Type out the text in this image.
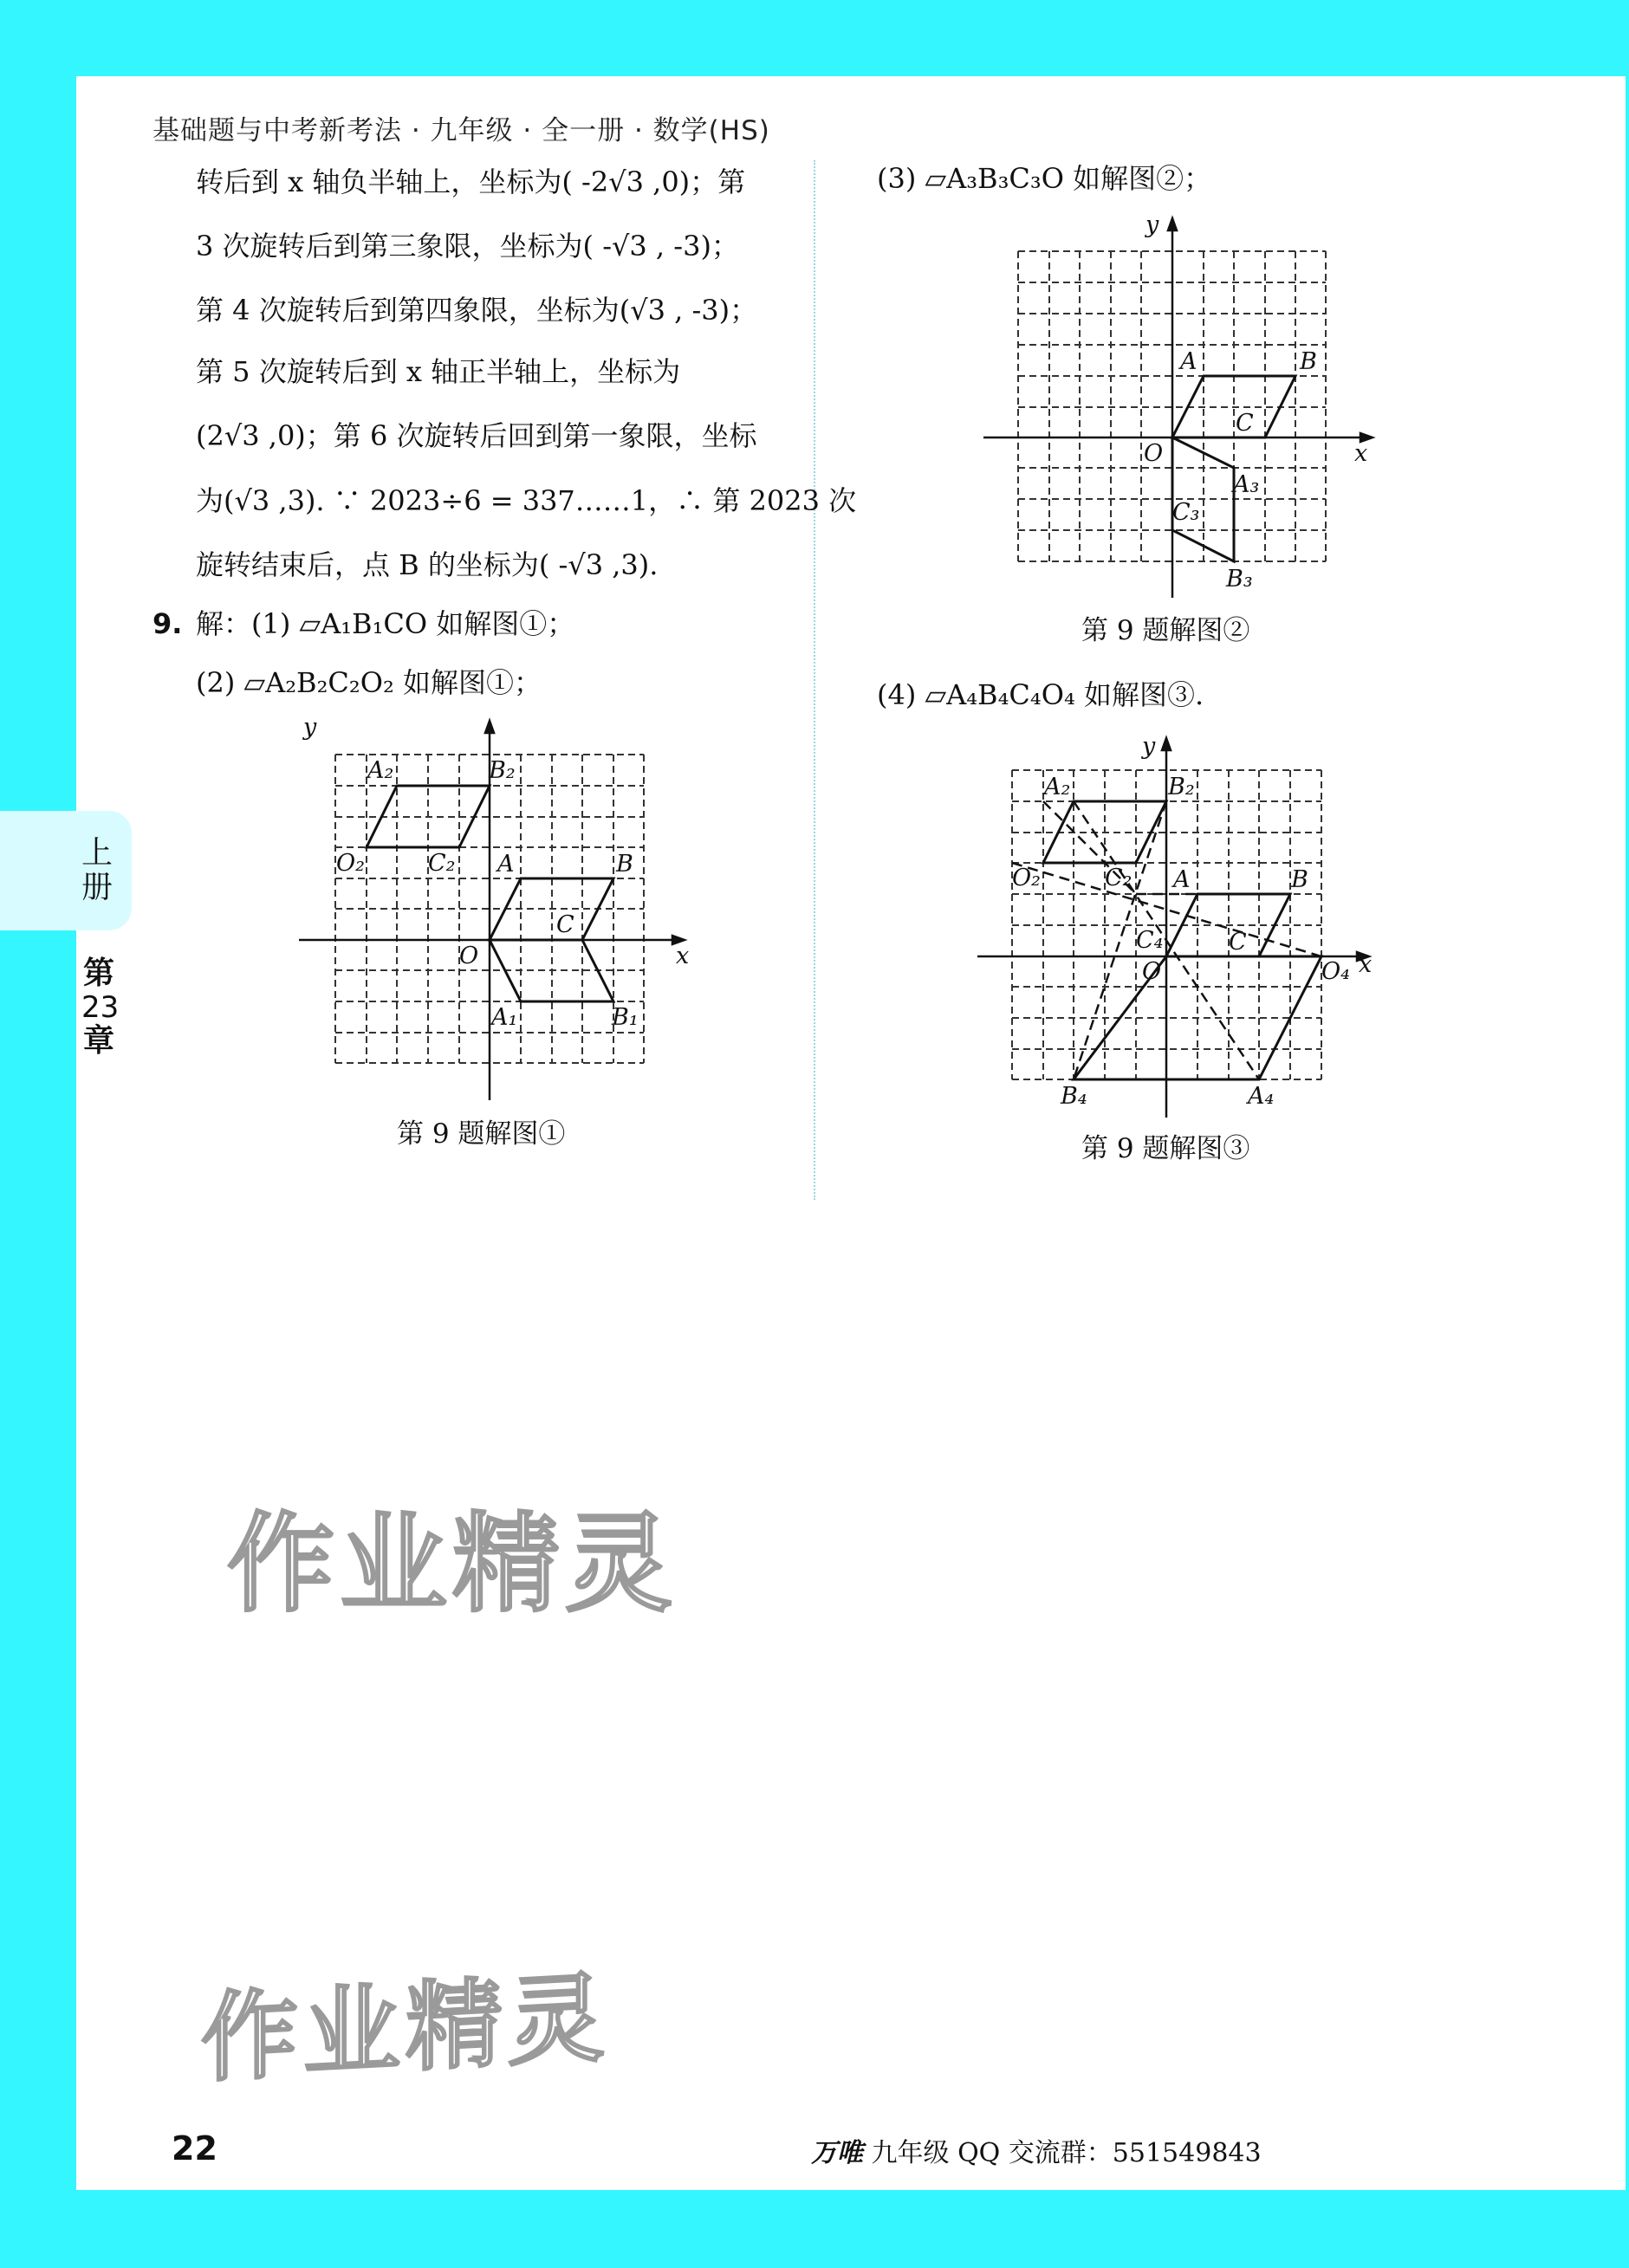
上
册
第
23
章
基础题与中考新考法 · 九年级 · 全一册 · 数学(HS)
转后到 x 轴负半轴上，坐标为( -2√3 ,0)；第
3 次旋转后到第三象限，坐标为( -√3 , -3)；
第 4 次旋转后到第四象限，坐标为(√3 , -3)；
第 5 次旋转后到 x 轴正半轴上，坐标为
(2√3 ,0)；第 6 次旋转后回到第一象限，坐标
为(√3 ,3). ∵ 2023÷6 = 337……1，∴ 第 2023 次
旋转结束后，点 B 的坐标为( -√3 ,3).
9. 解：(1) ▱A₁B₁CO 如解图①；
(2) ▱A₂B₂C₂O₂ 如解图①；
y
x
A₂	B₂
O₂	C₂ A	B
C
O
A₁	B₁
第 9 题解图①
(3) ▱A₃B₃C₃O 如解图②；
y
x
A	B
C
O
A₃
C₃
B₃
第 9 题解图②
(4) ▱A₄B₄C₄O₄ 如解图③.
y
x
A₂	B₂
O₂	C₂ A	B
C
C₄
O	O₄
B₄	A₄
第 9 题解图③
作业精灵
作业精灵
22	万唯 九年级 QQ 交流群：551549843
